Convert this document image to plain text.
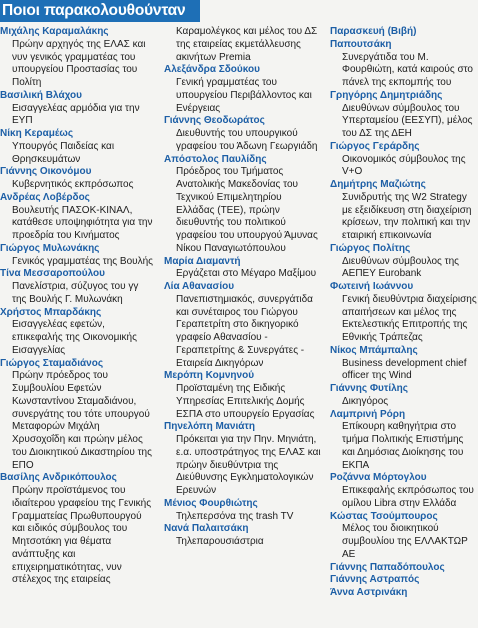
Ποιοι παρακολουθούνταν
Μιχάλης Καραμαλάκης
Πρώην αρχηγός της ΕΛΑΣ και νυν γενικός γραμματέας του υπουργείου Προστασίας του Πολίτη
Βασιλική Βλάχου
Εισαγγελέας αρμόδια για την ΕΥΠ
Νίκη Κεραμέως
Υπουργός Παιδείας και Θρησκευμάτων
Γιάννης Οικονόμου
Κυβερνητικός εκπρόσωπος
Ανδρέας Λοβέρδος
Βουλευτής ΠΑΣΟΚ-ΚΙΝΑΛ, κατάθεσε υποψηφιότητα για την προεδρία του Κινήματος
Γιώργος Μυλωνάκης
Γενικός γραμματέας της Βουλής
Τίνα Μεσσαροπούλου
Πανελίστρια, σύζυγος του γγ της Βουλής Γ. Μυλωνάκη
Χρήστος Μπαρδάκης
Εισαγγελέας εφετών, επικεφαλής της Οικονομικής Εισαγγελίας
Γιώργος Σταμαδιάνος
Πρώην πρόεδρος του Συμβουλίου Εφετών Κωνσταντίνου Σταμαδιάνου, συνεργάτης του τότε υπουργού Μεταφορών Μιχάλη Χρυσοχοΐδη και πρώην μέλος του Διοικητικού Δικαστηρίου της ΕΠΟ
Βασίλης Ανδρικόπουλος
Πρώην προϊστάμενος του ιδιαίτερου γραφείου της Γενικής Γραμματείας Πρωθυπουργού και ειδικός σύμβουλος του Μητσοτάκη για θέματα ανάπτυξης και επιχειρηματικότητας, νυν στέλεχος της εταιρείας
Καραμολέγκος και μέλος του ΔΣ της εταιρείας εκμετάλλευσης ακινήτων Premia
Αλεξάνδρα Σδούκου
Γενική γραμματέας του υπουργείου Περιβάλλοντος και Ενέργειας
Γιάννης Θεοδωράτος
Διευθυντής του υπουργικού γραφείου του Άδωνη Γεωργιάδη
Απόστολος Παυλίδης
Πρόεδρος του Τμήματος Ανατολικής Μακεδονίας του Τεχνικού Επιμελητηρίου Ελλάδας (ΤΕΕ), πρώην διευθυντής του πολιτικού γραφείου του υπουργού Άμυνας Νίκου Παναγιωτόπουλου
Μαρία Διαμαντή
Εργάζεται στο Μέγαρο Μαξίμου
Λία Αθανασίου
Πανεπιστημιακός, συνεργάτιδα και συνέταιρος του Γιώργου Γεραπετρίτη στο δικηγορικό γραφείο Αθανασίου - Γεραπετρίτης & Συνεργάτες - Εταιρεία Δικηγόρων
Μερόπη Κομνηνού
Προϊσταμένη της Ειδικής Υπηρεσίας Επιτελικής Δομής ΕΣΠΑ στο υπουργείο Εργασίας
Πηνελόπη Μανιάτη
Πρόκειται για την Πην. Μηνιάτη, ε.α. υποστράτηγος της ΕΛΑΣ και πρώην διευθύντρια της Διεύθυνσης Εγκληματολογικών Ερευνών
Μένιος Φουρθιώτης
Τηλεπερσόνα της trash TV
Νανά Παλαιτσάκη
Τηλεπαρουσιάστρια
Παρασκευή (Βιβή)
Παπουτσάκη
Συνεργάτιδα του Μ. Φουρθιώτη, κατά καιρούς στο πάνελ της εκπομπής του
Γρηγόρης Δημητριάδης
Διευθύνων σύμβουλος του Υπερταμείου (ΕΕΣΥΠ), μέλος του ΔΣ της ΔΕΗ
Γιώργος Γεράρδης
Οικονομικός σύμβουλος της V+O
Δημήτρης Μαζιώτης
Συνιδρυτής της W2 Strategy με εξειδίκευση στη διαχείριση κρίσεων, την πολιτική και την εταιρική επικοινωνία
Γιώργος Πολίτης
Διευθύνων σύμβουλος της ΑΕΠΕΥ Eurobank
Φωτεινή Ιωάννου
Γενική διευθύντρια διαχείρισης απαιτήσεων και μέλος της Εκτελεστικής Επιτροπής της Εθνικής Τράπεζας
Νίκος Μπάμπαλης
Business development chief officer της Wind
Γιάννης Φυτίλης
Δικηγόρος
Λαμπρινή Ρόρη
Επίκουρη καθηγήτρια στο τμήμα Πολιτικής Επιστήμης και Δημόσιας Διοίκησης του ΕΚΠΑ
Ροζάννα Μόρτογλου
Επικεφαλής εκπρόσωπος του ομίλου Libra στην Ελλάδα
Κώστας Τσούμπουρος
Μέλος του διοικητικού συμβουλίου της ΕΛΛΑΚΤΩΡ ΑΕ
Γιάννης Παπαδόπουλος
Γιάννης Αστραπός
Άννα Αστρινάκη
